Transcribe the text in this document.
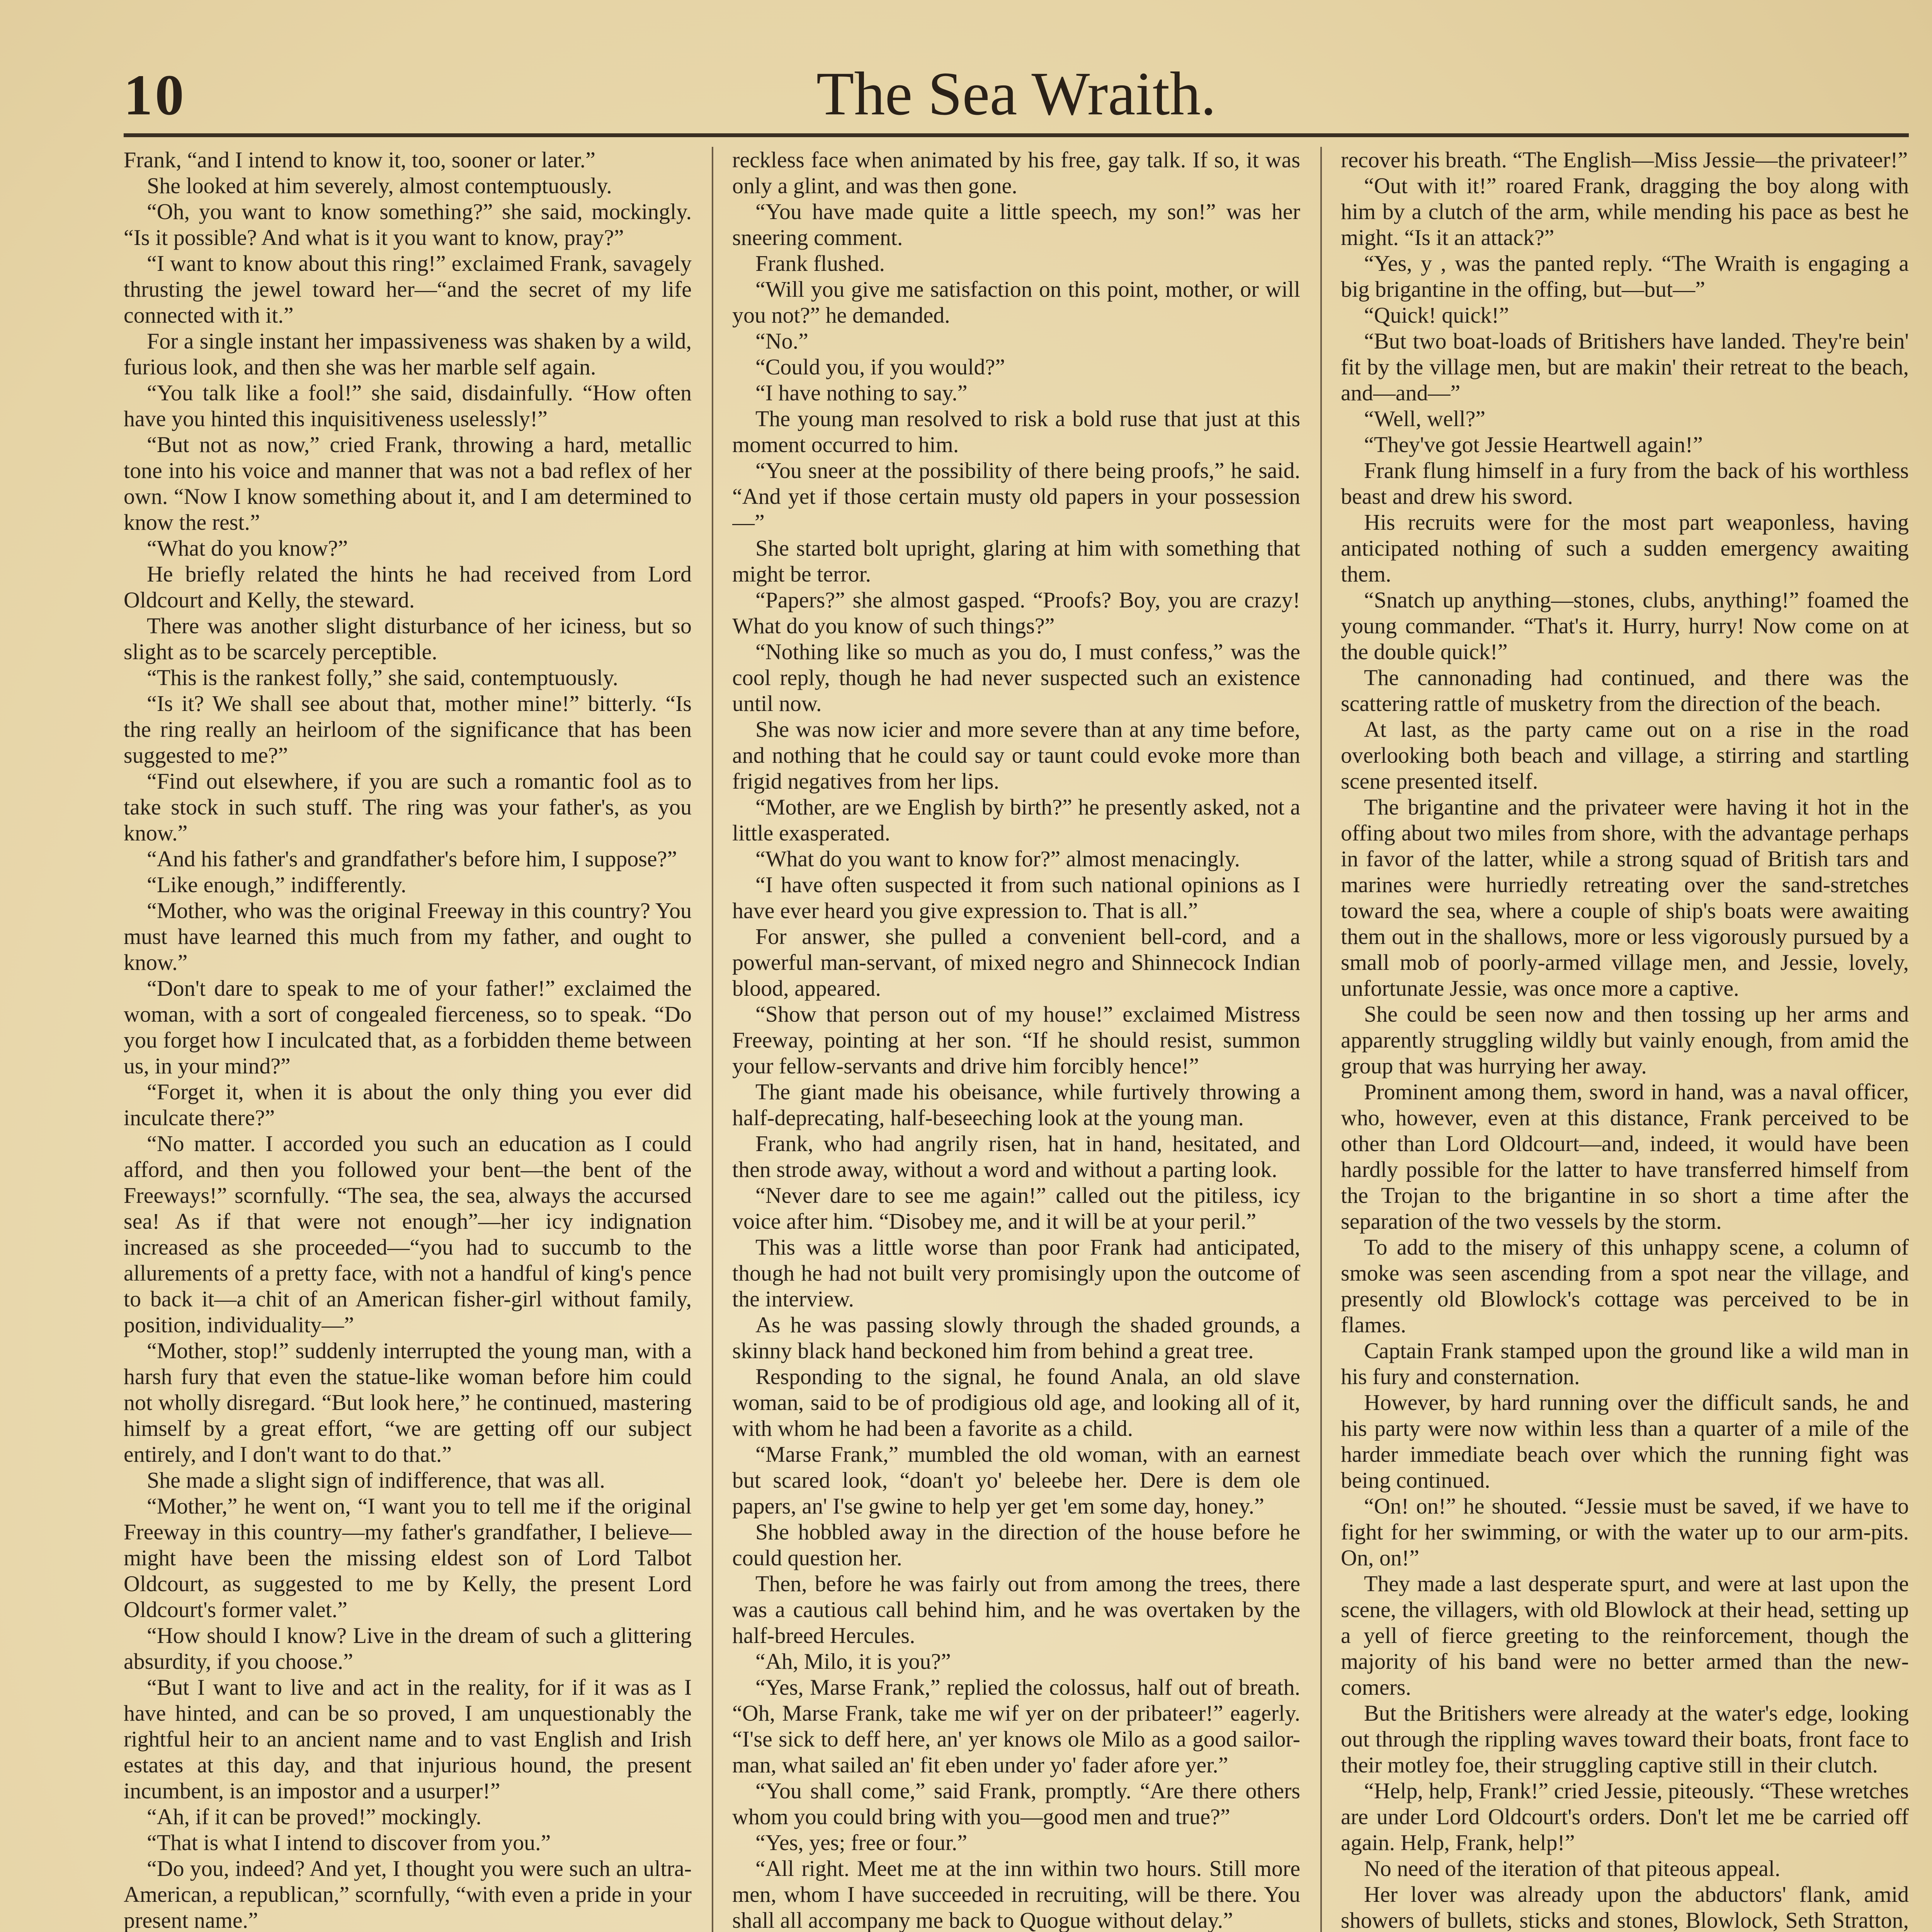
10	The Sea Wraith.

Frank, “and I intend to know it, too, sooner or later.”

She looked at him severely, almost contemptuously.

“Oh, you want to know something?” she said, mockingly. “Is it possible? And what is it you want to know, pray?”

“I want to know about this ring!” exclaimed Frank, savagely thrusting the jewel toward her—“and the secret of my life connected with it.”

For a single instant her impassiveness was shaken by a wild, furious look, and then she was her marble self again.

“You talk like a fool!” she said, disdainfully. “How often have you hinted this inquisitiveness uselessly!”

“But not as now,” cried Frank, throwing a hard, metallic tone into his voice and manner that was not a bad reflex of her own. “Now I know something about it, and I am determined to know the rest.”

“What do you know?”

He briefly related the hints he had received from Lord Oldcourt and Kelly, the steward.

There was another slight disturbance of her iciness, but so slight as to be scarcely perceptible.

“This is the rankest folly,” she said, contemptuously.

“Is it? We shall see about that, mother mine!” bitterly. “Is the ring really an heirloom of the significance that has been suggested to me?”

“Find out elsewhere, if you are such a romantic fool as to take stock in such stuff. The ring was your father's, as you know.”

“And his father's and grandfather's before him, I suppose?”

“Like enough,” indifferently.

“Mother, who was the original Freeway in this country? You must have learned this much from my father, and ought to know.”

“Don't dare to speak to me of your father!” exclaimed the woman, with a sort of congealed fierceness, so to speak. “Do you forget how I inculcated that, as a forbidden theme between us, in your mind?”

“Forget it, when it is about the only thing you ever did inculcate there?”

“No matter. I accorded you such an education as I could afford, and then you followed your bent—the bent of the Freeways!” scornfully. “The sea, the sea, always the accursed sea! As if that were not enough”—her icy indignation increased as she proceeded—“you had to succumb to the allurements of a pretty face, with not a handful of king's pence to back it—a chit of an American fisher-girl without family, position, individuality—”

“Mother, stop!” suddenly interrupted the young man, with a harsh fury that even the statue-like woman before him could not wholly disregard. “But look here,” he continued, mastering himself by a great effort, “we are getting off our subject entirely, and I don't want to do that.”

She made a slight sign of indifference, that was all.

“Mother,” he went on, “I want you to tell me if the original Freeway in this country—my father's grandfather, I believe—might have been the missing eldest son of Lord Talbot Oldcourt, as suggested to me by Kelly, the present Lord Oldcourt's former valet.”

“How should I know? Live in the dream of such a glittering absurdity, if you choose.”

“But I want to live and act in the reality, for if it was as I have hinted, and can be so proved, I am unquestionably the rightful heir to an ancient name and to vast English and Irish estates at this day, and that injurious hound, the present incumbent, is an impostor and a usurper!”

“Ah, if it can be proved!” mockingly.

“That is what I intend to discover from you.”

“Do you, indeed? And yet, I thought you were such an ultra-American, a republican,” scornfully, “with even a pride in your present name.”

reckless face when animated by his free, gay talk. If so, it was only a glint, and was then gone.

“You have made quite a little speech, my son!” was her sneering comment.

Frank flushed.

“Will you give me satisfaction on this point, mother, or will you not?” he demanded.

“No.”

“Could you, if you would?”

“I have nothing to say.”

The young man resolved to risk a bold ruse that just at this moment occurred to him.

“You sneer at the possibility of there being proofs,” he said. “And yet if those certain musty old papers in your possession—”

She started bolt upright, glaring at him with something that might be terror.

“Papers?” she almost gasped. “Proofs? Boy, you are crazy! What do you know of such things?”

“Nothing like so much as you do, I must confess,” was the cool reply, though he had never suspected such an existence until now.

She was now icier and more severe than at any time before, and nothing that he could say or taunt could evoke more than frigid negatives from her lips.

“Mother, are we English by birth?” he presently asked, not a little exasperated.

“What do you want to know for?” almost menacingly.

“I have often suspected it from such national opinions as I have ever heard you give expression to. That is all.”

For answer, she pulled a convenient bell-cord, and a powerful man-servant, of mixed negro and Shinnecock Indian blood, appeared.

“Show that person out of my house!” exclaimed Mistress Freeway, pointing at her son. “If he should resist, summon your fellow-servants and drive him forcibly hence!”

The giant made his obeisance, while furtively throwing a half-deprecating, half-beseeching look at the young man.

Frank, who had angrily risen, hat in hand, hesitated, and then strode away, without a word and without a parting look.

“Never dare to see me again!” called out the pitiless, icy voice after him. “Disobey me, and it will be at your peril.”

This was a little worse than poor Frank had anticipated, though he had not built very promisingly upon the outcome of the interview.

As he was passing slowly through the shaded grounds, a skinny black hand beckoned him from behind a great tree.

Responding to the signal, he found Anala, an old slave woman, said to be of prodigious old age, and looking all of it, with whom he had been a favorite as a child.

“Marse Frank,” mumbled the old woman, with an earnest but scared look, “doan't yo' beleebe her. Dere is dem ole papers, an' I'se gwine to help yer get 'em some day, honey.”

She hobbled away in the direction of the house before he could question her.

Then, before he was fairly out from among the trees, there was a cautious call behind him, and he was overtaken by the half-breed Hercules.

“Ah, Milo, it is you?”

“Yes, Marse Frank,” replied the colossus, half out of breath. “Oh, Marse Frank, take me wif yer on der pribateer!” eagerly. “I'se sick to deff here, an' yer knows ole Milo as a good sailor-man, what sailed an' fit eben under yo' fader afore yer.”

“You shall come,” said Frank, promptly. “Are there others whom you could bring with you—good men and true?”

“Yes, yes; free or four.”

“All right. Meet me at the inn within two hours. Still more men, whom I have succeeded in recruiting, will be there. You shall all accompany me back to Quogue without delay.”

recover his breath. “The English—Miss Jessie—the privateer!”

“Out with it!” roared Frank, dragging the boy along with him by a clutch of the arm, while mending his pace as best he might. “Is it an attack?”

“Yes, y , was the panted reply. “The Wraith is engaging a big brigantine in the offing, but—but—”

“Quick! quick!”

“But two boat-loads of Britishers have landed. They're bein' fit by the village men, but are makin' their retreat to the beach, and—and—”

“Well, well?”

“They've got Jessie Heartwell again!”

Frank flung himself in a fury from the back of his worthless beast and drew his sword.

His recruits were for the most part weaponless, having anticipated nothing of such a sudden emergency awaiting them.

“Snatch up anything—stones, clubs, anything!” foamed the young commander. “That's it. Hurry, hurry! Now come on at the double quick!”

The cannonading had continued, and there was the scattering rattle of musketry from the direction of the beach.

At last, as the party came out on a rise in the road overlooking both beach and village, a stirring and startling scene presented itself.

The brigantine and the privateer were having it hot in the offing about two miles from shore, with the advantage perhaps in favor of the latter, while a strong squad of British tars and marines were hurriedly retreating over the sand-stretches toward the sea, where a couple of ship's boats were awaiting them out in the shallows, more or less vigorously pursued by a small mob of poorly-armed village men, and Jessie, lovely, unfortunate Jessie, was once more a captive.

She could be seen now and then tossing up her arms and apparently struggling wildly but vainly enough, from amid the group that was hurrying her away.

Prominent among them, sword in hand, was a naval officer, who, however, even at this distance, Frank perceived to be other than Lord Oldcourt—and, indeed, it would have been hardly possible for the latter to have transferred himself from the Trojan to the brigantine in so short a time after the separation of the two vessels by the storm.

To add to the misery of this unhappy scene, a column of smoke was seen ascending from a spot near the village, and presently old Blowlock's cottage was perceived to be in flames.

Captain Frank stamped upon the ground like a wild man in his fury and consternation.

However, by hard running over the difficult sands, he and his party were now within less than a quarter of a mile of the harder immediate beach over which the running fight was being continued.

“On! on!” he shouted. “Jessie must be saved, if we have to fight for her swimming, or with the water up to our arm-pits. On, on!”

They made a last desperate spurt, and were at last upon the scene, the villagers, with old Blowlock at their head, setting up a yell of fierce greeting to the reinforcement, though the majority of his band were no better armed than the new-comers.

But the Britishers were already at the water's edge, looking out through the rippling waves toward their boats, front face to their motley foe, their struggling captive still in their clutch.

“Help, help, Frank!” cried Jessie, piteously. “These wretches are under Lord Oldcourt's orders. Don't let me be carried off again. Help, Frank, help!”

No need of the iteration of that piteous appeal.

Her lover was already upon the abductors' flank, amid showers of bullets, sticks and stones, Blowlock, Seth Stratton,
